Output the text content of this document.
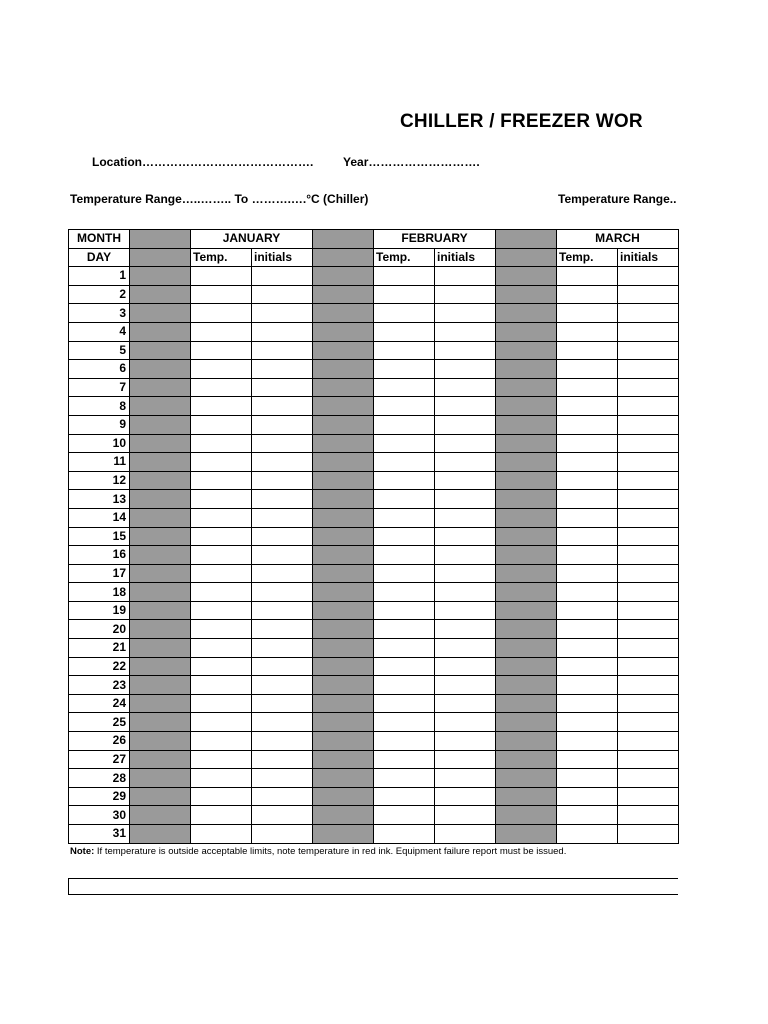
CHILLER / FREEZER WOR
Location……………………………………. Year……………………….
Temperature Range…..…….. To ……….….°C (Chiller)	Temperature Range..
MONTH		JANUARY			FEBRUARY			MARCH	
DAY		Temp.	initials		Temp.	initials		Temp.	initials
1									
2									
3									
4									
5									
6									
7									
8									
9									
10									
11									
12									
13									
14									
15									
16									
17									
18									
19									
20									
21									
22									
23									
24									
25									
26									
27									
28									
29									
30									
31									
Note: If temperature is outside acceptable limits, note temperature in red ink. Equipment failure report must be issued.
